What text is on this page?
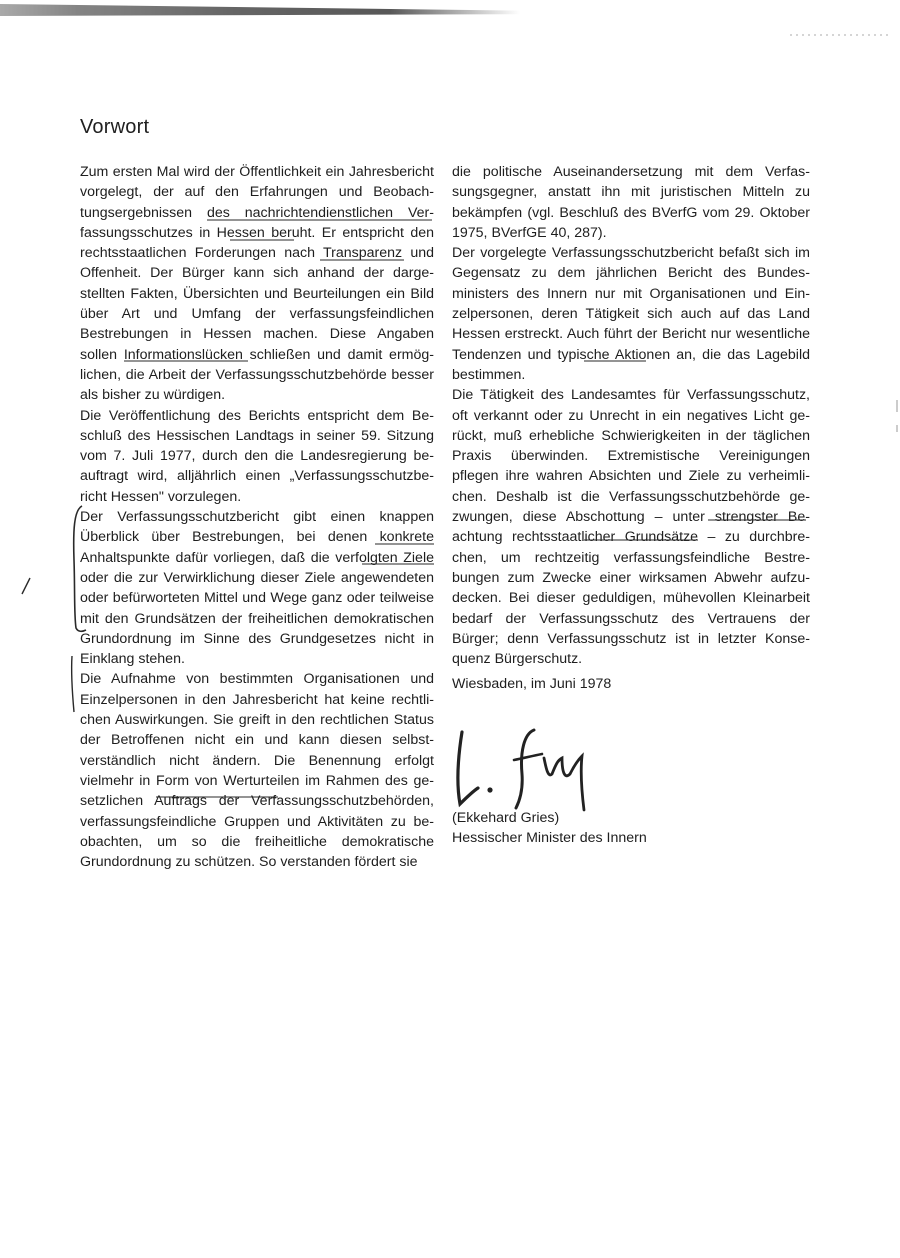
Vorwort

Zum ersten Mal wird der Öffentlichkeit ein Jahresbericht vorgelegt, der auf den Erfahrungen und Beobachtungsergebnissen des nachrichtendienstlichen Verfassungsschutzes in Hessen beruht. Er entspricht den rechtsstaatlichen Forderungen nach Transparenz und Offenheit. Der Bürger kann sich anhand der dargestellten Fakten, Übersichten und Beurteilungen ein Bild über Art und Umfang der verfassungsfeindlichen Bestrebungen in Hessen machen. Diese Angaben sollen Informationslücken schließen und damit ermöglichen, die Arbeit der Verfassungsschutzbehörde besser als bisher zu würdigen.

Die Veröffentlichung des Berichts entspricht dem Beschluß des Hessischen Landtags in seiner 59. Sitzung vom 7. Juli 1977, durch den die Landesregierung beauftragt wird, alljährlich einen „Verfassungsschutzbericht Hessen" vorzulegen.

Der Verfassungsschutzbericht gibt einen knappen Überblick über Bestrebungen, bei denen konkrete Anhaltspunkte dafür vorliegen, daß die verfolgten Ziele oder die zur Verwirklichung dieser Ziele angewendeten oder befürworteten Mittel und Wege ganz oder teilweise mit den Grundsätzen der freiheitlichen demokratischen Grundordnung im Sinne des Grundgesetzes nicht in Einklang stehen.

Die Aufnahme von bestimmten Organisationen und Einzelpersonen in den Jahresbericht hat keine rechtlichen Auswirkungen. Sie greift in den rechtlichen Status der Betroffenen nicht ein und kann diesen selbstverständlich nicht ändern. Die Benennung erfolgt vielmehr in Form von Werturteilen im Rahmen des gesetzlichen Auftrags der Verfassungsschutzbehörden, verfassungsfeindliche Gruppen und Aktivitäten zu beobachten, um so die freiheitliche demokratische Grundordnung zu schützen. So verstanden fördert sie

die politische Auseinandersetzung mit dem Verfassungsgegner, anstatt ihn mit juristischen Mitteln zu bekämpfen (vgl. Beschluß des BVerfG vom 29. Oktober 1975, BVerfGE 40, 287).

Der vorgelegte Verfassungsschutzbericht befaßt sich im Gegensatz zu dem jährlichen Bericht des Bundesministers des Innern nur mit Organisationen und Einzelpersonen, deren Tätigkeit sich auch auf das Land Hessen erstreckt. Auch führt der Bericht nur wesentliche Tendenzen und typische Aktionen an, die das Lagebild bestimmen.

Die Tätigkeit des Landesamtes für Verfassungsschutz, oft verkannt oder zu Unrecht in ein negatives Licht gerückt, muß erhebliche Schwierigkeiten in der täglichen Praxis überwinden. Extremistische Vereinigungen pflegen ihre wahren Absichten und Ziele zu verheimlichen. Deshalb ist die Verfassungsschutzbehörde gezwungen, diese Abschottung – unter strengster Beachtung rechtsstaatlicher Grundsätze – zu durchbrechen, um rechtzeitig verfassungsfeindliche Bestrebungen zum Zwecke einer wirksamen Abwehr aufzudecken. Bei dieser geduldigen, mühevollen Kleinarbeit bedarf der Verfassungsschutz des Vertrauens der Bürger; denn Verfassungsschutz ist in letzter Konsequenz Bürgerschutz.

Wiesbaden, im Juni 1978
(Ekkehard Gries)
Hessischer Minister des Innern
